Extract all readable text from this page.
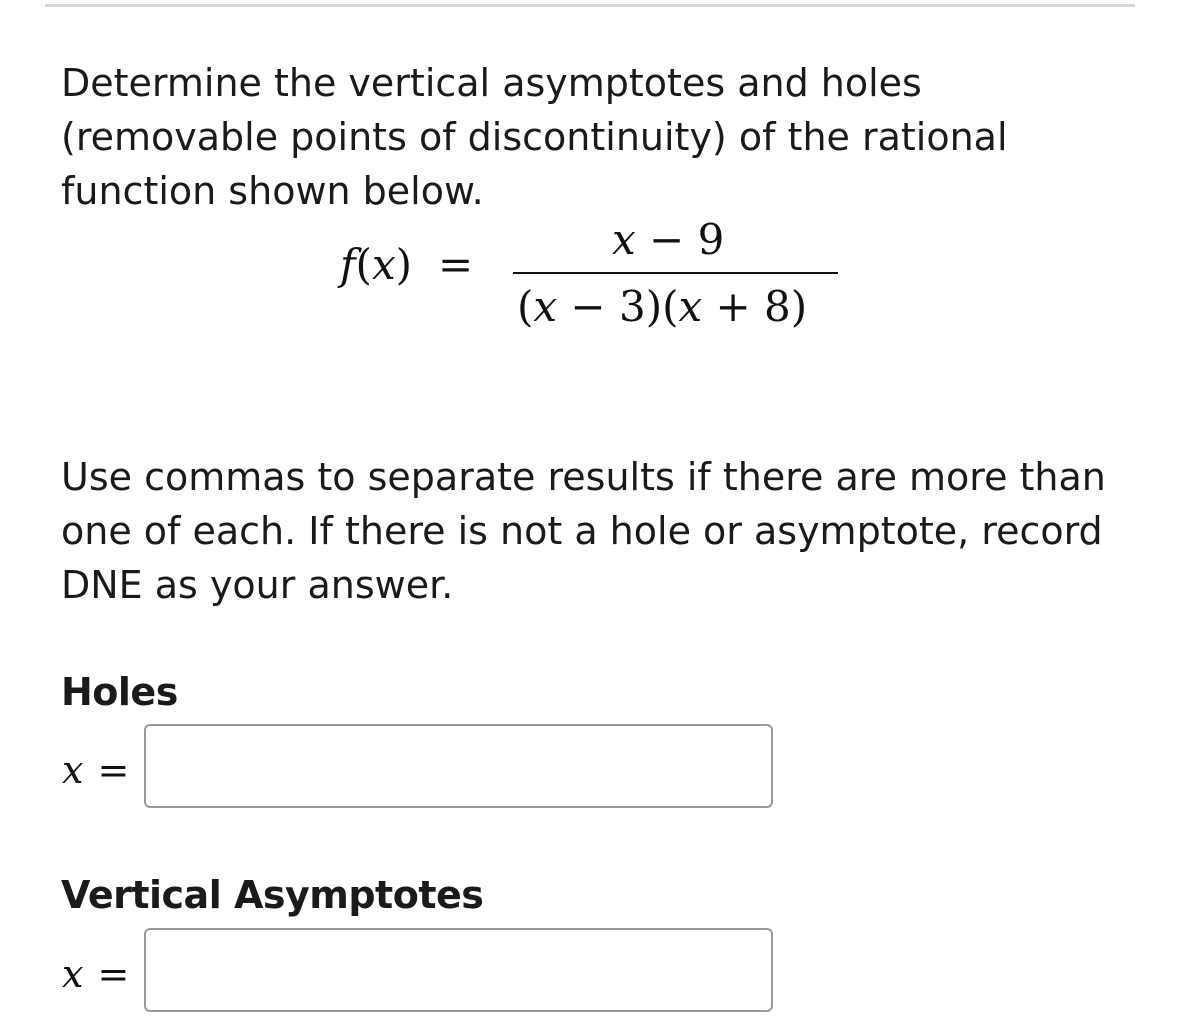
Determine the vertical asymptotes and holes (removable points of discontinuity) of the rational function shown below.
f(x) =
x − 9
(x − 3)(x + 8)
Use commas to separate results if there are more than one of each. If there is not a hole or asymptote, record DNE as your answer.
Holes
x =
Vertical Asymptotes
x =
